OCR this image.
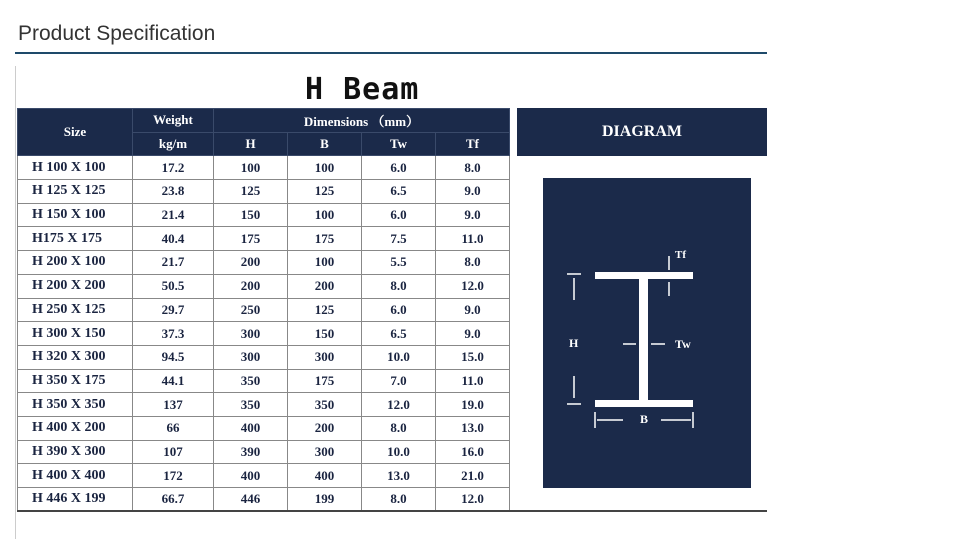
Product Specification
H Beam
Size	Weight	Dimensions （mm）			
	kg/m	H	B	Tw	Tf
H 100 X 100	17.2	100	100	6.0	8.0
H 125 X 125	23.8	125	125	6.5	9.0
H 150 X 100	21.4	150	100	6.0	9.0
H175 X 175	40.4	175	175	7.5	11.0
H 200 X 100	21.7	200	100	5.5	8.0
H 200 X 200	50.5	200	200	8.0	12.0
H 250 X 125	29.7	250	125	6.0	9.0
H 300 X 150	37.3	300	150	6.5	9.0
H 320 X 300	94.5	300	300	10.0	15.0
H 350 X 175	44.1	350	175	7.0	11.0
H 350 X 350	137	350	350	12.0	19.0
H 400 X 200	66	400	200	8.0	13.0
H 390 X 300	107	390	300	10.0	16.0
H 400 X 400	172	400	400	13.0	21.0
H 446 X 199	66.7	446	199	8.0	12.0
DIAGRAM
Tf
H	Tw
B
